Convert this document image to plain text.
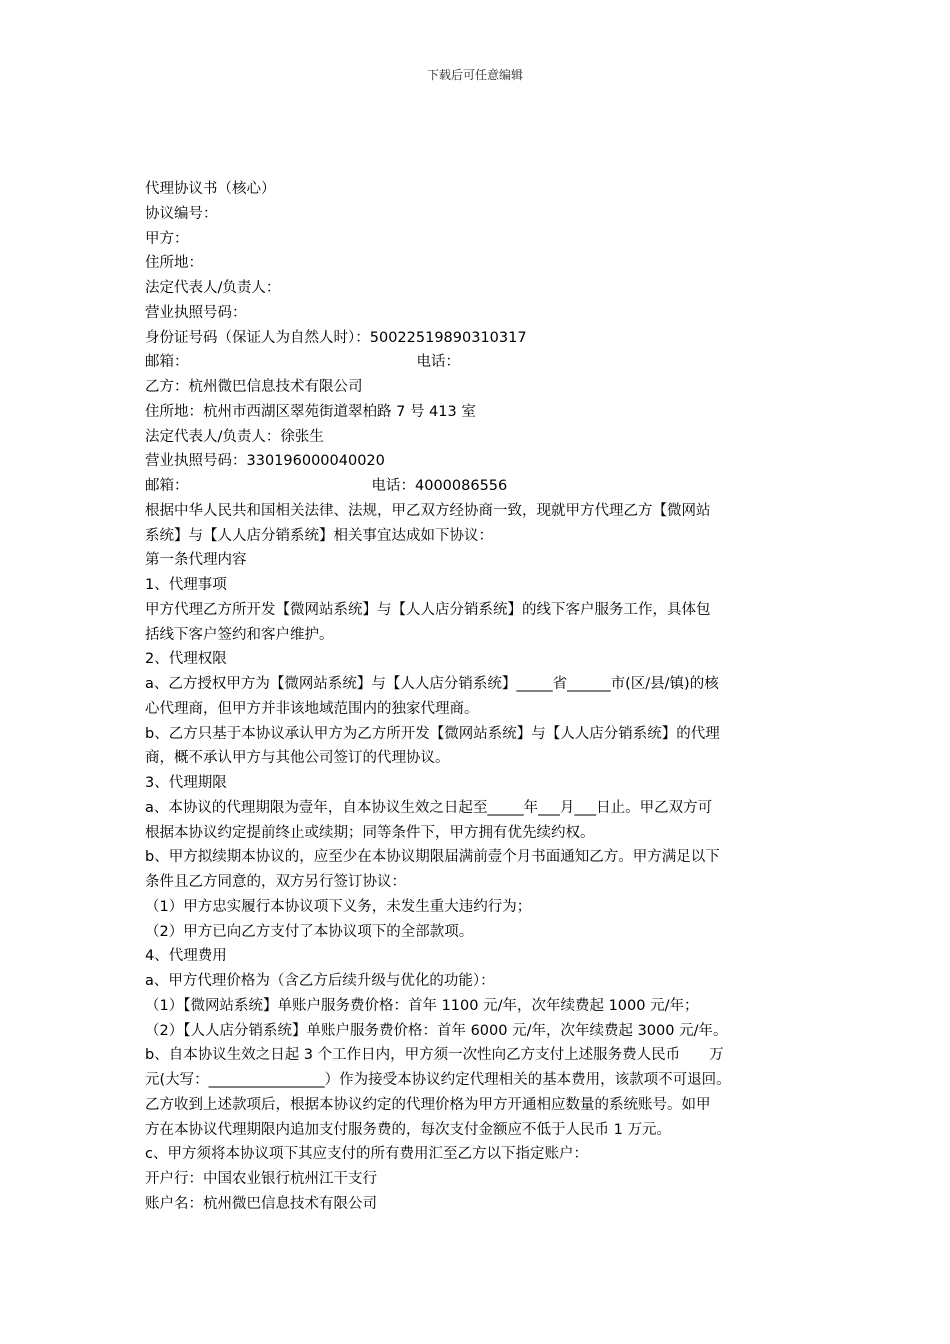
下载后可任意编辑
代理协议书（核心）
协议编号：
甲方：
住所地：
法定代表人/负责人：
营业执照号码：
身份证号码（保证人为自然人时）：50022519890310317
邮箱：	电话：
乙方：杭州微巴信息技术有限公司
住所地：杭州市西湖区翠苑街道翠柏路 7 号 413 室
法定代表人/负责人：徐张生
营业执照号码：330196000040020
邮箱：	电话：4000086556
根据中华人民共和国相关法律、法规，甲乙双方经协商一致，现就甲方代理乙方【微网站
系统】与【人人店分销系统】相关事宜达成如下协议：
第一条代理内容
1、代理事项
甲方代理乙方所开发【微网站系统】与【人人店分销系统】的线下客户服务工作，具体包
括线下客户签约和客户维护。
2、代理权限
a、乙方授权甲方为【微网站系统】与【人人店分销系统】_____省______市(区/县/镇)的核
心代理商，但甲方并非该地域范围内的独家代理商。
b、乙方只基于本协议承认甲方为乙方所开发【微网站系统】与【人人店分销系统】的代理
商，概不承认甲方与其他公司签订的代理协议。
3、代理期限
a、本协议的代理期限为壹年，自本协议生效之日起至_____年___月___日止。甲乙双方可
根据本协议约定提前终止或续期；同等条件下，甲方拥有优先续约权。
b、甲方拟续期本协议的，应至少在本协议期限届满前壹个月书面通知乙方。甲方满足以下
条件且乙方同意的，双方另行签订协议：
（1）甲方忠实履行本协议项下义务，未发生重大违约行为；
（2）甲方已向乙方支付了本协议项下的全部款项。
4、代理费用
a、甲方代理价格为（含乙方后续升级与优化的功能）：
（1）【微网站系统】单账户服务费价格：首年 1100 元/年，次年续费起 1000 元/年；
（2）【人人店分销系统】单账户服务费价格：首年 6000 元/年，次年续费起 3000 元/年。
b、自本协议生效之日起 3 个工作日内，甲方须一次性向乙方支付上述服务费人民币　　万
元(大写：________________）作为接受本协议约定代理相关的基本费用，该款项不可退回。
乙方收到上述款项后，根据本协议约定的代理价格为甲方开通相应数量的系统账号。如甲
方在本协议代理期限内追加支付服务费的，每次支付金额应不低于人民币 1 万元。
c、甲方须将本协议项下其应支付的所有费用汇至乙方以下指定账户：
开户行：中国农业银行杭州江干支行
账户名：杭州微巴信息技术有限公司
